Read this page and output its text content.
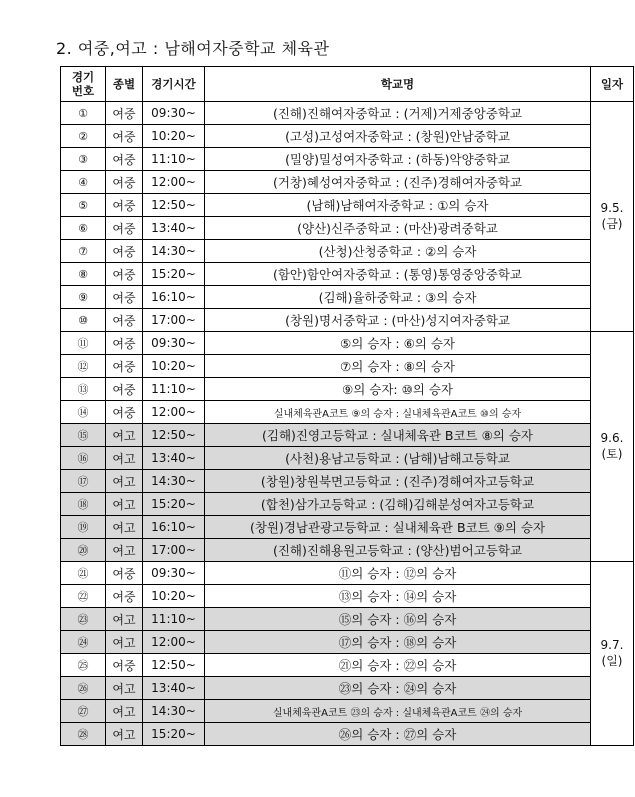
2. 여중,여고 : 남해여자중학교 체육관
경기
번호	종별	경기시간	학교명	일자
①	여중	09:30~	(진해)진해여자중학교 : (거제)거제중앙중학교	9.5.(금)
②	여중	10:20~	(고성)고성여자중학교 : (창원)안남중학교	
③	여중	11:10~	(밀양)밀성여자중학교 : (하동)악양중학교	
④	여중	12:00~	(거창)혜성여자중학교 : (진주)경해여자중학교	
⑤	여중	12:50~	(남해)남해여자중학교 : ①의 승자	
⑥	여중	13:40~	(양산)신주중학교 : (마산)광려중학교	
⑦	여중	14:30~	(산청)산청중학교 : ②의 승자	
⑧	여중	15:20~	(함안)함안여자중학교 : (통영)통영중앙중학교	
⑨	여중	16:10~	(김해)율하중학교 : ③의 승자	
⑩	여중	17:00~	(창원)명서중학교 : (마산)성지여자중학교	
⑪	여중	09:30~	⑤의 승자 : ⑥의 승자	9.6.(토)
⑫	여중	10:20~	⑦의 승자 : ⑧의 승자	
⑬	여중	11:10~	⑨의 승자: ⑩의 승자	
⑭	여중	12:00~	실내체육관A코트 ⑨의 승자 : 실내체육관A코트 ⑩의 승자	
⑮	여고	12:50~	(김해)진영고등학교 : 실내체육관 B코트 ⑧의 승자	
⑯	여고	13:40~	(사천)용남고등학교 : (남해)남해고등학교	
⑰	여고	14:30~	(창원)창원북면고등학교 : (진주)경해여자고등학교	
⑱	여고	15:20~	(합천)삼가고등학교 : (김해)김해분성여자고등학교	
⑲	여고	16:10~	(창원)경남관광고등학교 : 실내체육관 B코트 ⑨의 승자	
⑳	여고	17:00~	(진해)진해용원고등학교 : (양산)범어고등학교	
㉑	여중	09:30~	⑪의 승자 : ⑫의 승자	9.7.(일)
㉒	여중	10:20~	⑬의 승자 : ⑭의 승자	
㉓	여고	11:10~	⑮의 승자 : ⑯의 승자	
㉔	여고	12:00~	⑰의 승자 : ⑱의 승자	
㉕	여중	12:50~	㉑의 승자 : ㉒의 승자	
㉖	여고	13:40~	㉓의 승자 : ㉔의 승자	
㉗	여고	14:30~	실내체육관A코트 ㉓의 승자 : 실내체육관A코트 ㉔의 승자	
㉘	여고	15:20~	㉖의 승자 : ㉗의 승자	
